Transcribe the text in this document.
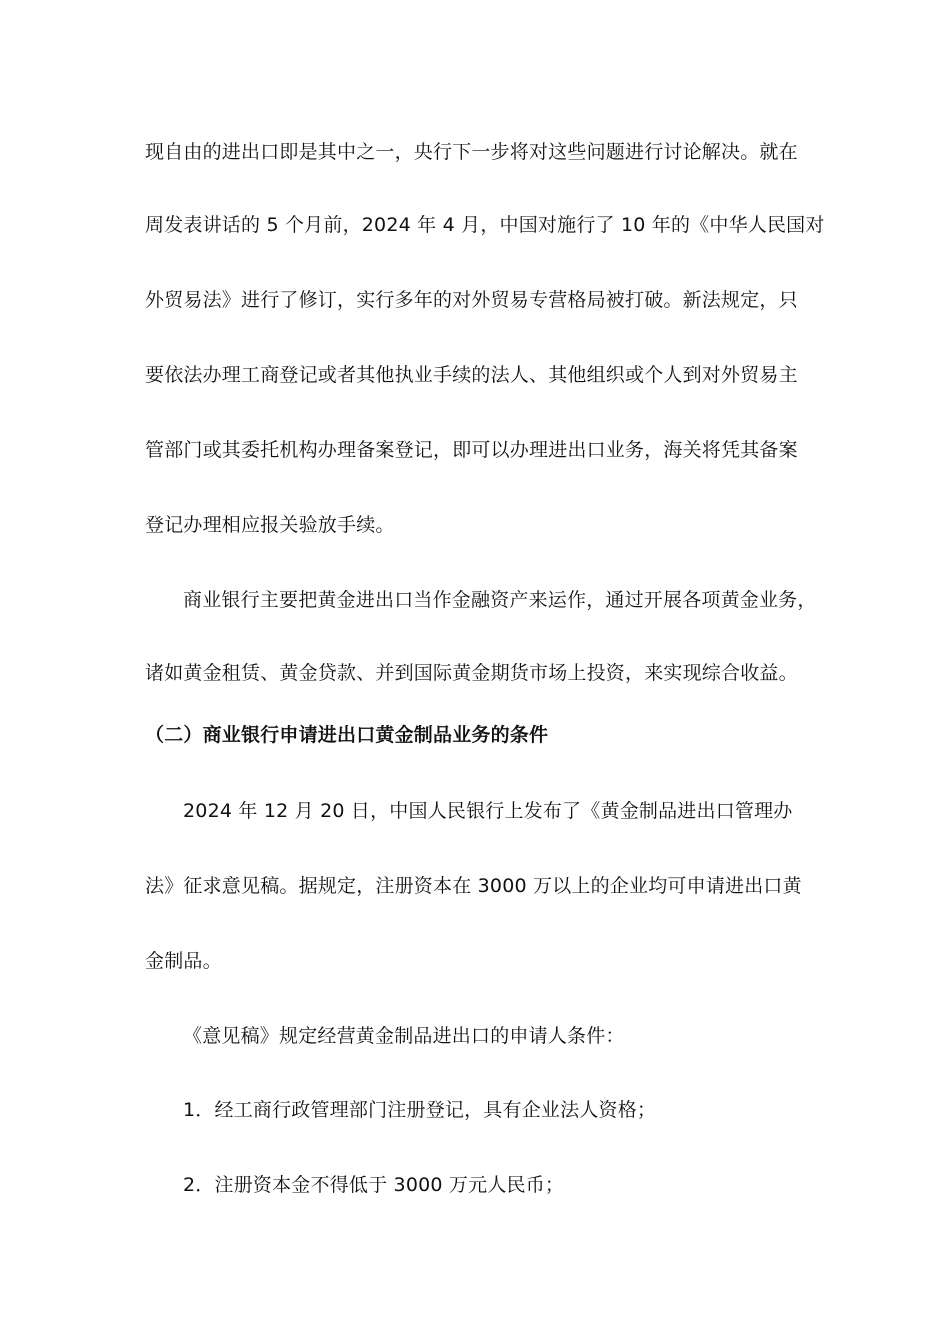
现自由的进出口即是其中之一，央行下一步将对这些问题进行讨论解决。就在
周发表讲话的 5 个月前，2024 年 4 月，中国对施行了 10 年的《中华人民国对
外贸易法》进行了修订，实行多年的对外贸易专营格局被打破。新法规定，只
要依法办理工商登记或者其他执业手续的法人、其他组织或个人到对外贸易主
管部门或其委托机构办理备案登记，即可以办理进出口业务，海关将凭其备案
登记办理相应报关验放手续。
商业银行主要把黄金进出口当作金融资产来运作，通过开展各项黄金业务，
诸如黄金租赁、黄金贷款、并到国际黄金期货市场上投资，来实现综合收益。
（二）商业银行申请进出口黄金制品业务的条件
2024 年 12 月 20 日，中国人民银行上发布了《黄金制品进出口管理办
法》征求意见稿。据规定，注册资本在 3000 万以上的企业均可申请进出口黄
金制品。
《意见稿》规定经营黄金制品进出口的申请人条件：
1．经工商行政管理部门注册登记，具有企业法人资格；
2．注册资本金不得低于 3000 万元人民币；
